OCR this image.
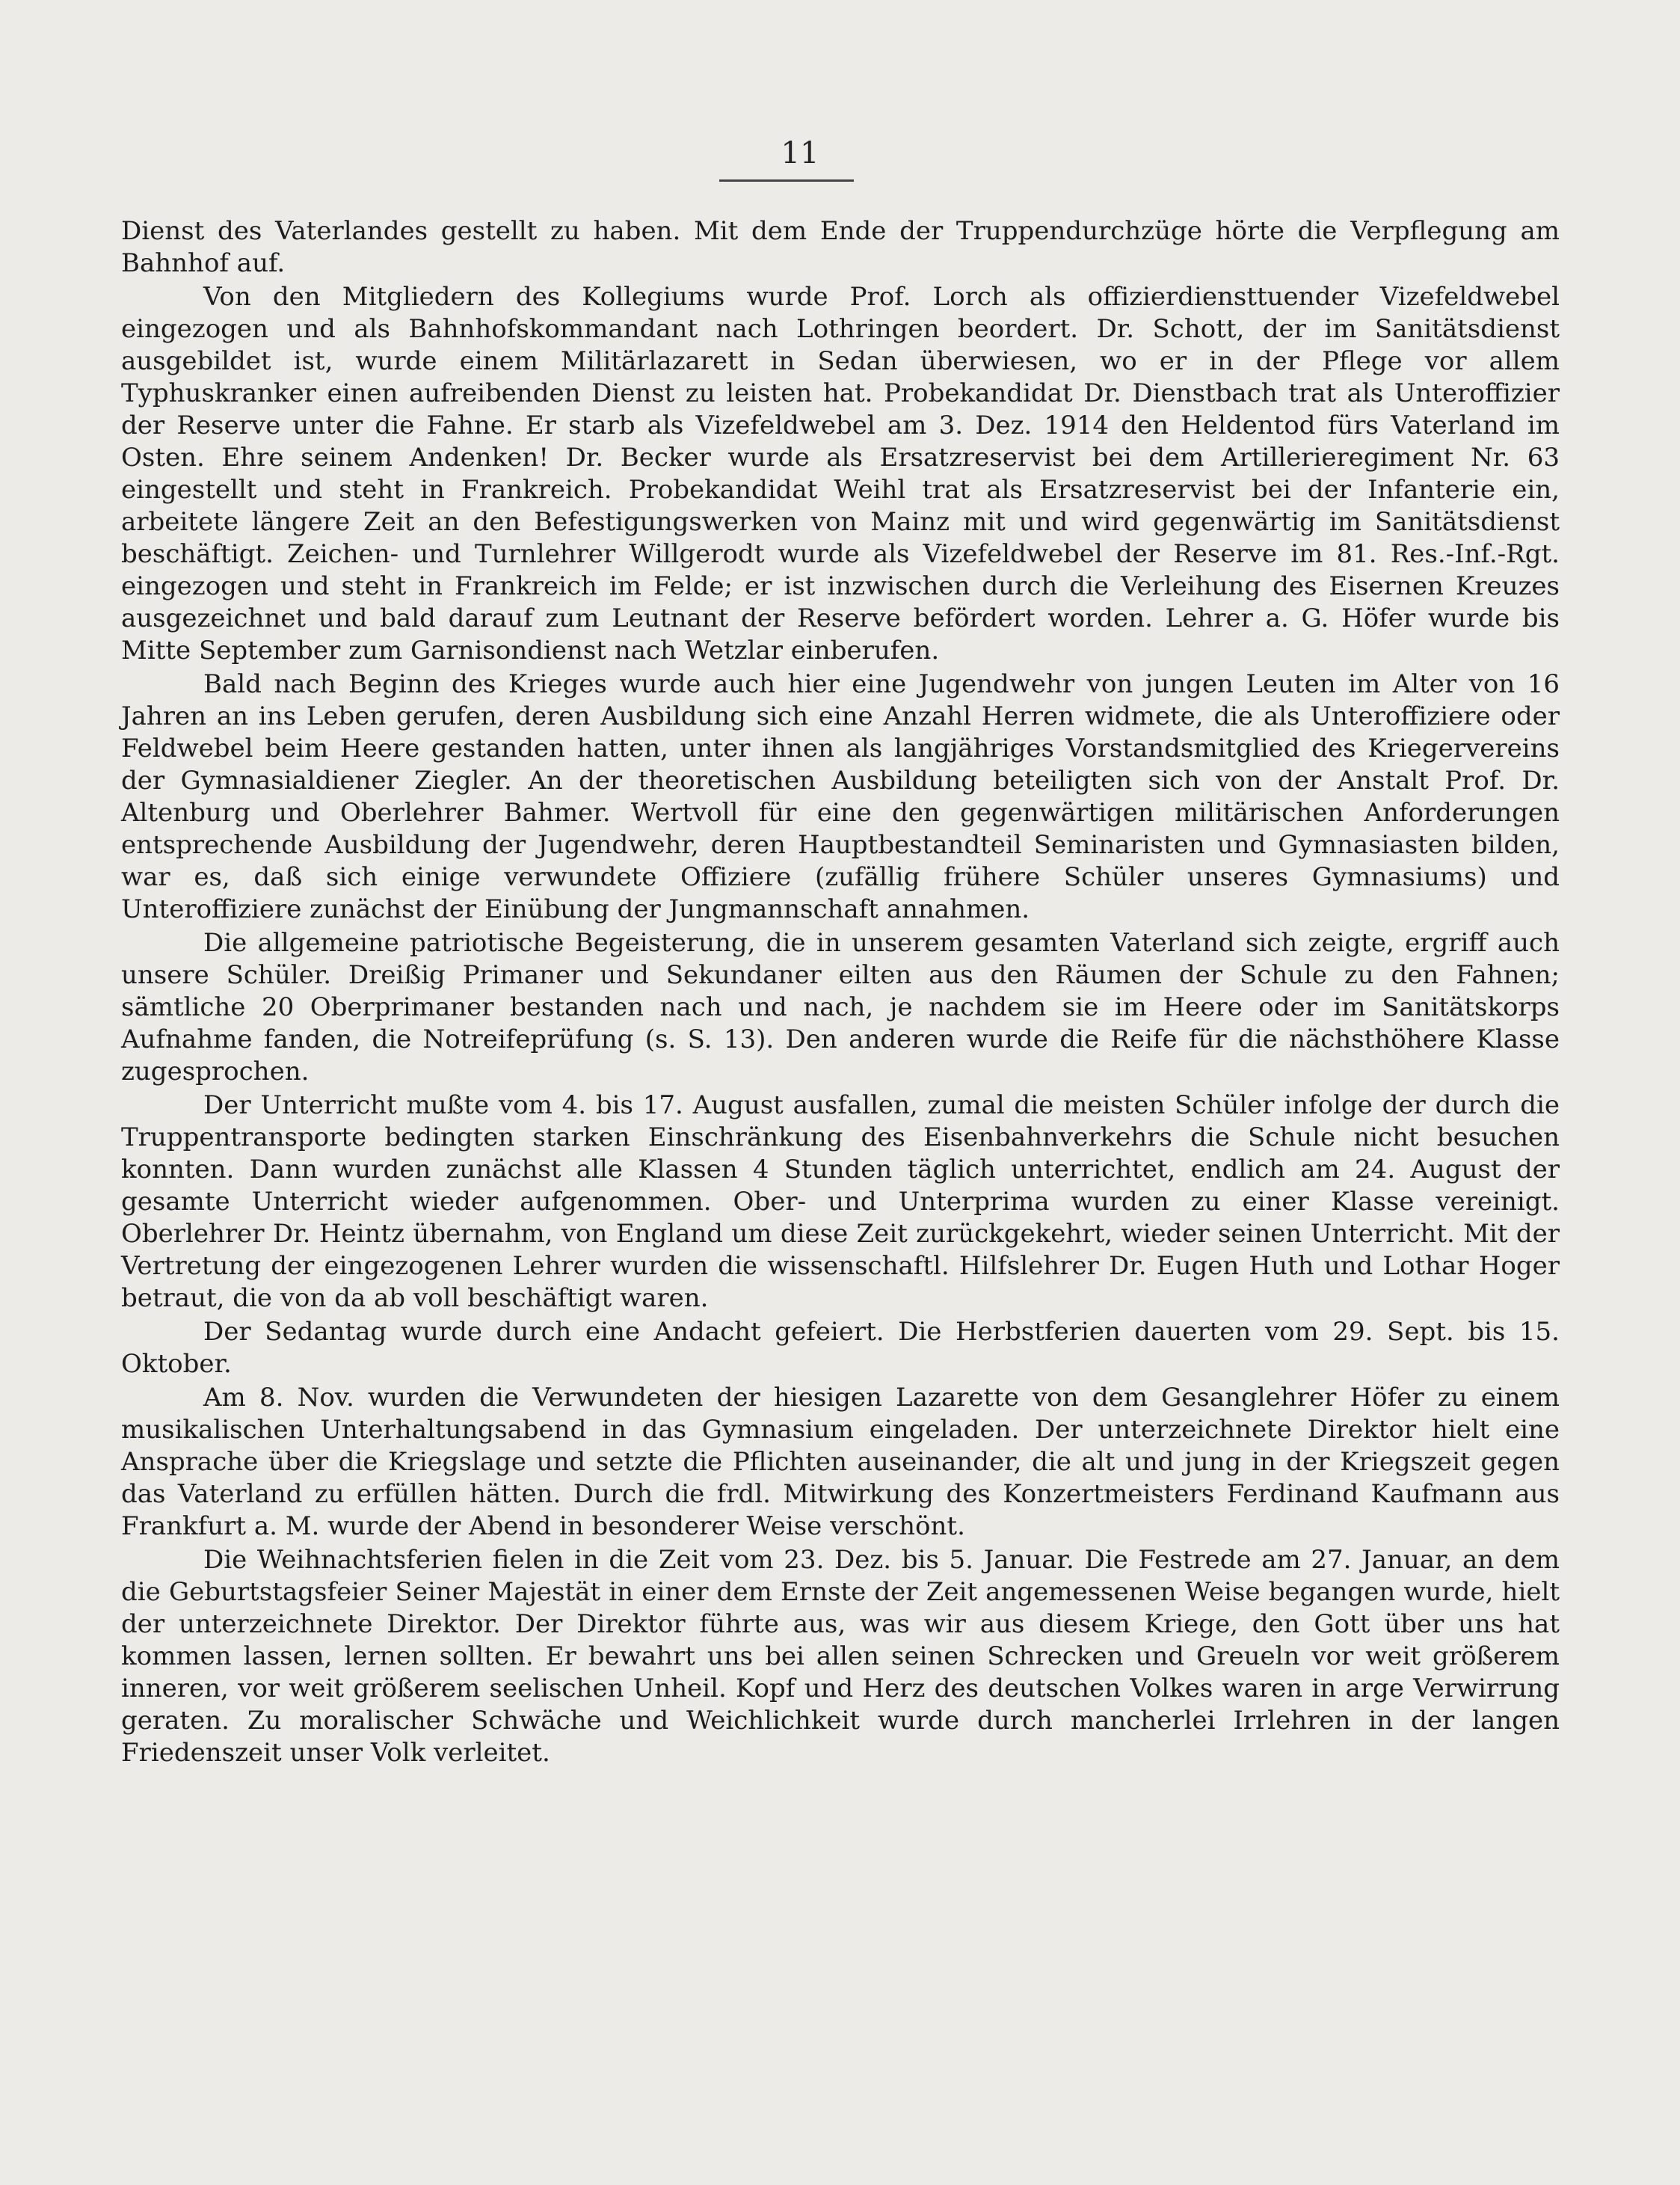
11

Dienst des Vaterlandes gestellt zu haben. Mit dem Ende der Truppendurchzüge hörte die Verpflegung am Bahnhof auf.

Von den Mitgliedern des Kollegiums wurde Prof. Lorch als offizierdiensttuender Vizefeldwebel eingezogen und als Bahnhofskommandant nach Lothringen beordert. Dr. Schott, der im Sanitätsdienst ausgebildet ist, wurde einem Militärlazarett in Sedan überwiesen, wo er in der Pflege vor allem Typhuskranker einen aufreibenden Dienst zu leisten hat. Probekandidat Dr. Dienstbach trat als Unteroffizier der Reserve unter die Fahne. Er starb als Vizefeldwebel am 3. Dez. 1914 den Heldentod fürs Vaterland im Osten. Ehre seinem Andenken! Dr. Becker wurde als Ersatzreservist bei dem Artillerieregiment Nr. 63 eingestellt und steht in Frankreich. Probekandidat Weihl trat als Ersatzreservist bei der Infanterie ein, arbeitete längere Zeit an den Befestigungswerken von Mainz mit und wird gegenwärtig im Sanitätsdienst beschäftigt. Zeichen- und Turnlehrer Willgerodt wurde als Vizefeldwebel der Reserve im 81. Res.-Inf.-Rgt. eingezogen und steht in Frankreich im Felde; er ist inzwischen durch die Verleihung des Eisernen Kreuzes ausgezeichnet und bald darauf zum Leutnant der Reserve befördert worden. Lehrer a. G. Höfer wurde bis Mitte September zum Garnisondienst nach Wetzlar einberufen.

Bald nach Beginn des Krieges wurde auch hier eine Jugendwehr von jungen Leuten im Alter von 16 Jahren an ins Leben gerufen, deren Ausbildung sich eine Anzahl Herren widmete, die als Unteroffiziere oder Feldwebel beim Heere gestanden hatten, unter ihnen als langjähriges Vorstandsmitglied des Kriegervereins der Gymnasialdiener Ziegler. An der theoretischen Ausbildung beteiligten sich von der Anstalt Prof. Dr. Altenburg und Oberlehrer Bahmer. Wertvoll für eine den gegenwärtigen militärischen Anforderungen entsprechende Ausbildung der Jugendwehr, deren Hauptbestandteil Seminaristen und Gymnasiasten bilden, war es, daß sich einige verwundete Offiziere (zufällig frühere Schüler unseres Gymnasiums) und Unteroffiziere zunächst der Einübung der Jungmannschaft annahmen.

Die allgemeine patriotische Begeisterung, die in unserem gesamten Vaterland sich zeigte, ergriff auch unsere Schüler. Dreißig Primaner und Sekundaner eilten aus den Räumen der Schule zu den Fahnen; sämtliche 20 Oberprimaner bestanden nach und nach, je nachdem sie im Heere oder im Sanitätskorps Aufnahme fanden, die Notreifeprüfung (s. S. 13). Den anderen wurde die Reife für die nächsthöhere Klasse zugesprochen.

Der Unterricht mußte vom 4. bis 17. August ausfallen, zumal die meisten Schüler infolge der durch die Truppentransporte bedingten starken Einschränkung des Eisenbahnverkehrs die Schule nicht besuchen konnten. Dann wurden zunächst alle Klassen 4 Stunden täglich unterrichtet, endlich am 24. August der gesamte Unterricht wieder aufgenommen. Ober- und Unterprima wurden zu einer Klasse vereinigt. Oberlehrer Dr. Heintz übernahm, von England um diese Zeit zurückgekehrt, wieder seinen Unterricht. Mit der Vertretung der eingezogenen Lehrer wurden die wissenschaftl. Hilfslehrer Dr. Eugen Huth und Lothar Hoger betraut, die von da ab voll beschäftigt waren.

Der Sedantag wurde durch eine Andacht gefeiert. Die Herbstferien dauerten vom 29. Sept. bis 15. Oktober.

Am 8. Nov. wurden die Verwundeten der hiesigen Lazarette von dem Gesanglehrer Höfer zu einem musikalischen Unterhaltungsabend in das Gymnasium eingeladen. Der unterzeichnete Direktor hielt eine Ansprache über die Kriegslage und setzte die Pflichten auseinander, die alt und jung in der Kriegszeit gegen das Vaterland zu erfüllen hätten. Durch die frdl. Mitwirkung des Konzertmeisters Ferdinand Kaufmann aus Frankfurt a. M. wurde der Abend in besonderer Weise verschönt.

Die Weihnachtsferien fielen in die Zeit vom 23. Dez. bis 5. Januar. Die Festrede am 27. Januar, an dem die Geburtstagsfeier Seiner Majestät in einer dem Ernste der Zeit angemessenen Weise begangen wurde, hielt der unterzeichnete Direktor. Der Direktor führte aus, was wir aus diesem Kriege, den Gott über uns hat kommen lassen, lernen sollten. Er bewahrt uns bei allen seinen Schrecken und Greueln vor weit größerem inneren, vor weit größerem seelischen Unheil. Kopf und Herz des deutschen Volkes waren in arge Verwirrung geraten. Zu moralischer Schwäche und Weichlichkeit wurde durch mancherlei Irrlehren in der langen Friedenszeit unser Volk verleitet.
